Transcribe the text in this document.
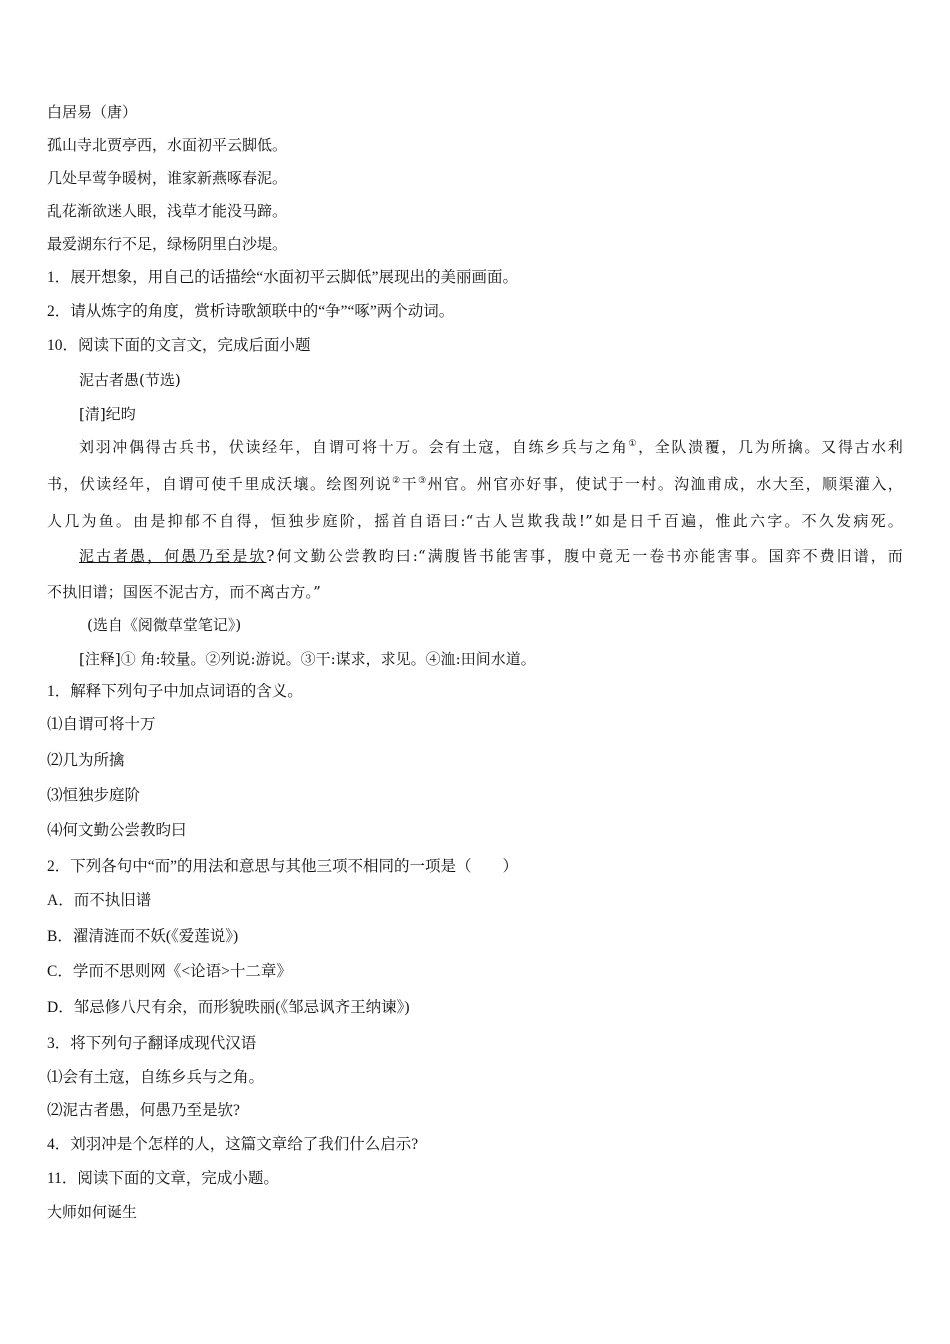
白居易（唐）
孤山寺北贾亭西，水面初平云脚低。
几处早莺争暖树，谁家新燕啄春泥。
乱花渐欲迷人眼，浅草才能没马蹄。
最爱湖东行不足，绿杨阴里白沙堤。
1．展开想象，用自己的话描绘“水面初平云脚低”展现出的美丽画面。
2．请从炼字的角度，赏析诗歌颔联中的“争”“啄”两个动词。
10．阅读下面的文言文，完成后面小题
泥古者愚(节选)
[清]纪昀
刘羽冲偶得古兵书，伏读经年，自谓可将十万。会有土寇，自练乡兵与之角①，全队溃覆，几为所擒。又得古水利
书，伏读经年，自谓可使千里成沃壤。绘图列说②干③州官。州官亦好事，使试于一村。沟洫甫成，水大至，顺渠灌入，
人几为鱼。由是抑郁不自得，恒独步庭阶，摇首自语曰:“古人岂欺我哉!”如是日千百遍，惟此六字。不久发病死。
泥古者愚，何愚乃至是欤?何文勤公尝教昀曰:“满腹皆书能害事，腹中竟无一卷书亦能害事。国弈不费旧谱，而
不执旧谱；国医不泥古方，而不离古方。”
(选自《阅微草堂笔记》)
[注释]① 角:较量。②列说:游说。③干:谋求，求见。④洫:田间水道。
1．解释下列句子中加点词语的含义。
⑴自谓可将十万
⑵几为所擒
⑶恒独步庭阶
⑷何文勤公尝教昀曰
2．下列各句中“而”的用法和意思与其他三项不相同的一项是（　　）
A．而不执旧谱
B．濯清涟而不妖(《爱莲说》)
C．学而不思则网《<论语>十二章》
D．邹忌修八尺有余，而形貌昳丽(《邹忌讽齐王纳谏》)
3．将下列句子翻译成现代汉语
⑴会有土寇，自练乡兵与之角。
⑵泥古者愚，何愚乃至是欤?
4．刘羽冲是个怎样的人，这篇文章给了我们什么启示?
11．阅读下面的文章，完成小题。
大师如何诞生
